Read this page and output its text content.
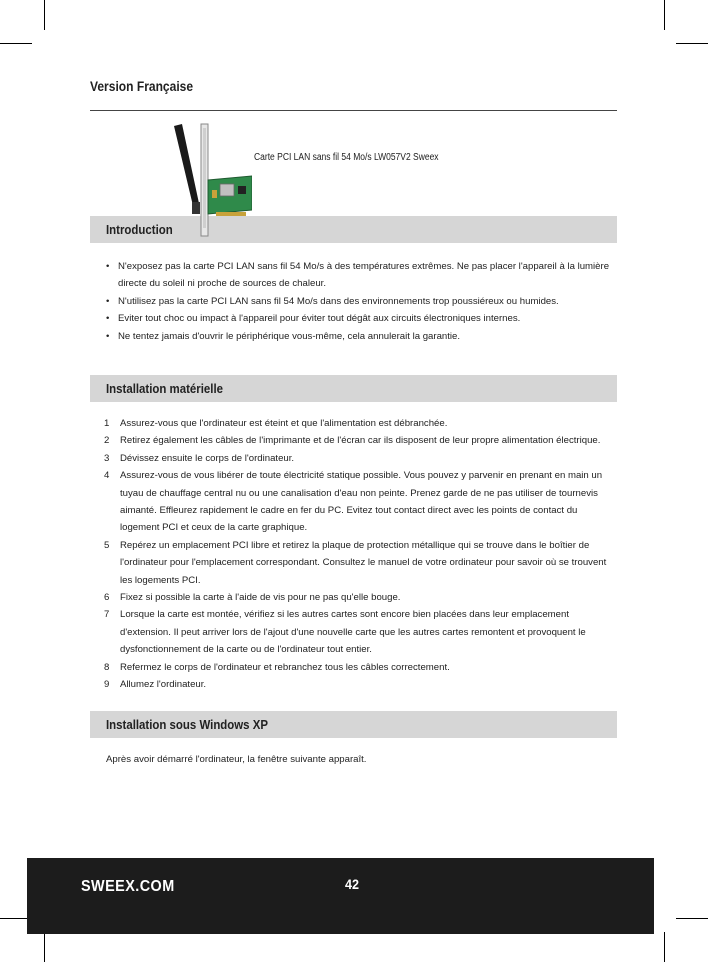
Version Française
Introduction
Carte PCI LAN sans fil 54 Mo/s LW057V2 Sweex
• N'exposez pas la carte PCI LAN sans fil 54 Mo/s à des températures extrêmes. Ne pas placer l'appareil à la lumière directe du soleil ni proche de sources de chaleur.
• N'utilisez pas la carte PCI LAN sans fil 54 Mo/s dans des environnements trop poussiéreux ou humides.
• Eviter tout choc ou impact à l'appareil pour éviter tout dégât aux circuits électroniques internes.
• Ne tentez jamais d'ouvrir le périphérique vous-même, cela annulerait la garantie.
Installation matérielle
1 Assurez-vous que l'ordinateur est éteint et que l'alimentation est débranchée.
2 Retirez également les câbles de l'imprimante et de l'écran car ils disposent de leur propre alimentation électrique.
3 Dévissez ensuite le corps de l'ordinateur.
4 Assurez-vous de vous libérer de toute électricité statique possible. Vous pouvez y parvenir en prenant en main un tuyau de chauffage central nu ou une canalisation d'eau non peinte. Prenez garde de ne pas utiliser de tournevis aimanté. Effleurez rapidement le cadre en fer du PC. Evitez tout contact direct avec les points de contact du logement PCI et ceux de la carte graphique.
5 Repérez un emplacement PCI libre et retirez la plaque de protection métallique qui se trouve dans le boîtier de l'ordinateur pour l'emplacement correspondant. Consultez le manuel de votre ordinateur pour savoir où se trouvent les logements PCI.
6 Fixez si possible la carte à l'aide de vis pour ne pas qu'elle bouge.
7 Lorsque la carte est montée, vérifiez si les autres cartes sont encore bien placées dans leur emplacement d'extension. Il peut arriver lors de l'ajout d'une nouvelle carte que les autres cartes remontent et provoquent le dysfonctionnement de la carte ou de l'ordinateur tout entier.
8 Refermez le corps de l'ordinateur et rebranchez tous les câbles correctement.
9 Allumez l'ordinateur.
Installation sous Windows XP
Après avoir démarré l'ordinateur, la fenêtre suivante apparaît.
SWEEX.COM	42
